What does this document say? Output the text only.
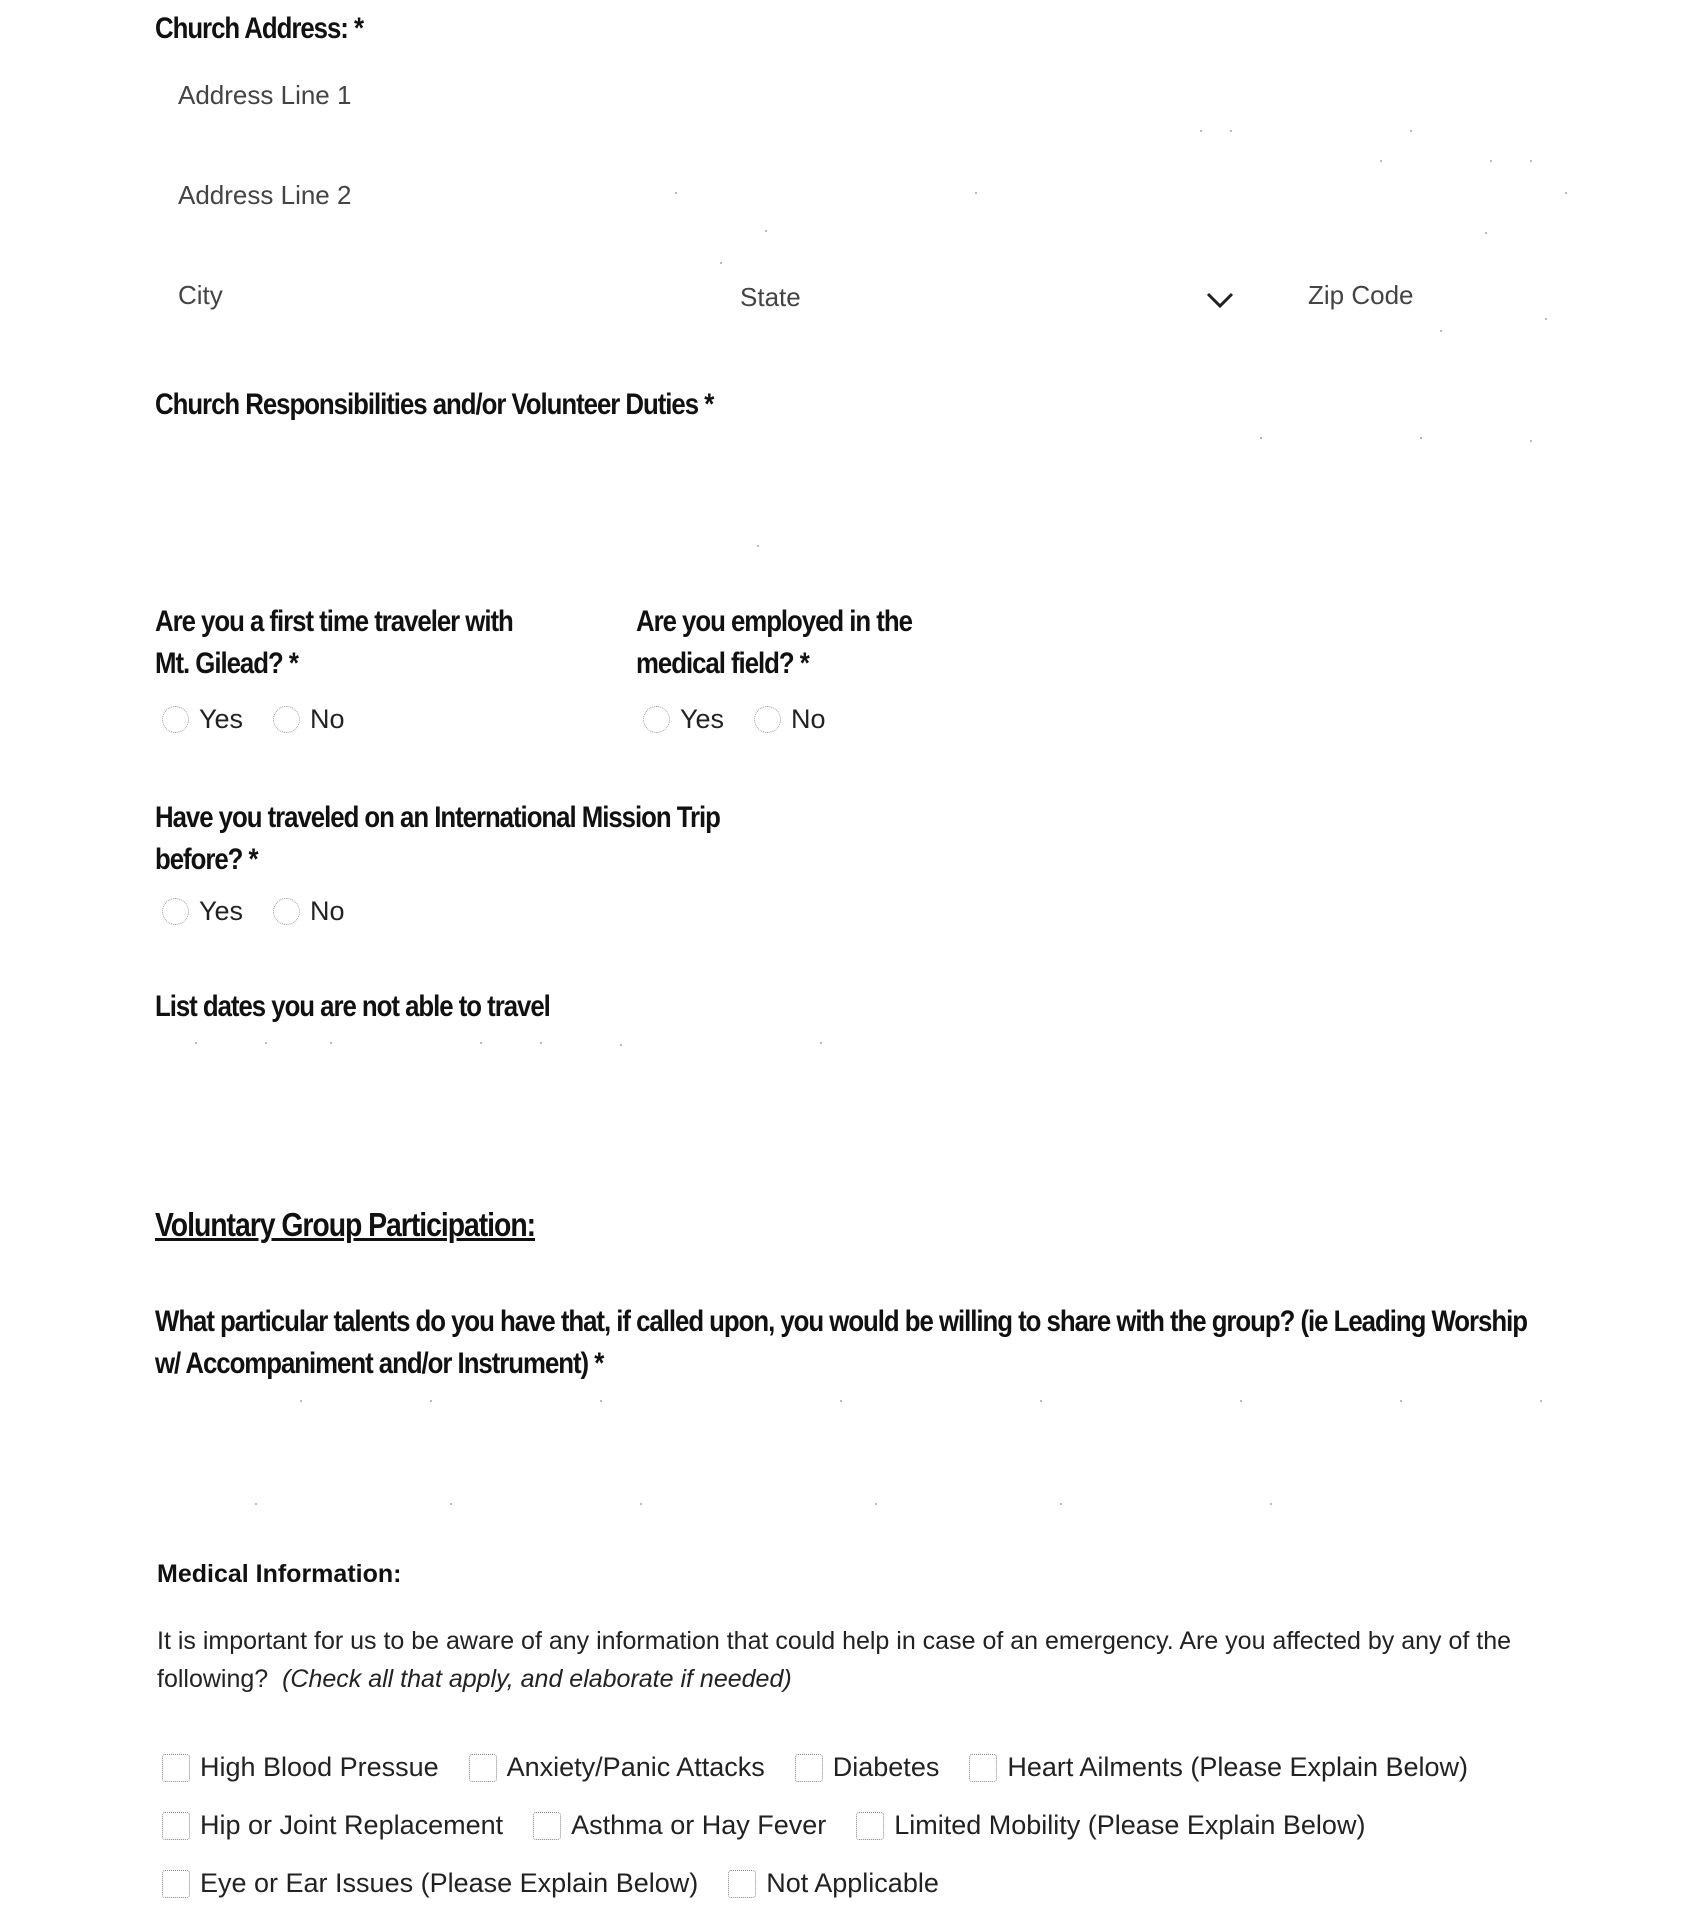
Church Address: *
Address Line 1
Address Line 2
City	State	Zip Code
Church Responsibilities and/or Volunteer Duties *
Are you a first time traveler with Mt. Gilead? *
Yes No
Are you employed in the medical field? *
Yes No
Have you traveled on an International Mission Trip before? *
Yes No
List dates you are not able to travel
Voluntary Group Participation:
What particular talents do you have that, if called upon, you would be willing to share with the group? (ie Leading Worship w/ Accompaniment and/or Instrument) *
Medical Information:
It is important for us to be aware of any information that could help in case of an emergency. Are you affected by any of the following? (Check all that apply, and elaborate if needed)
High Blood Pressue	Anxiety/Panic Attacks	Diabetes	Heart Ailments (Please Explain Below)
Hip or Joint Replacement	Asthma or Hay Fever	Limited Mobility (Please Explain Below)
Eye or Ear Issues (Please Explain Below)	Not Applicable
